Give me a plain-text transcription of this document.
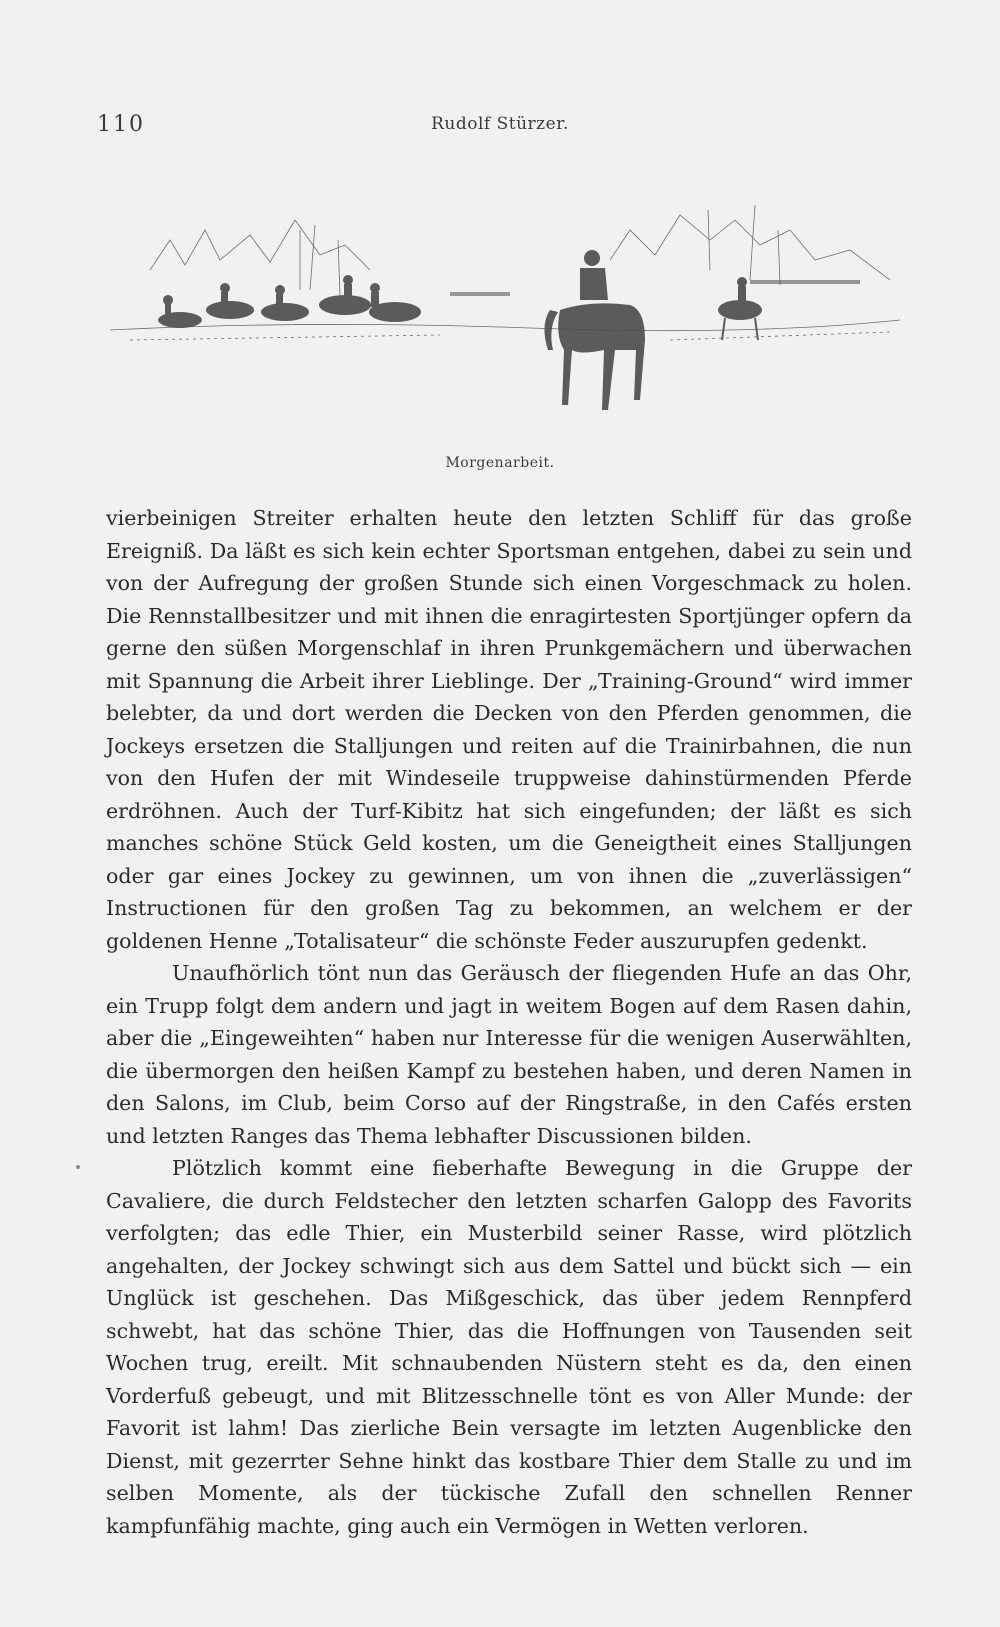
110	Rudolf Stürzer.
Morgenarbeit.

vierbeinigen Streiter erhalten heute den letzten Schliff für das große Ereigniß. Da läßt es sich kein echter Sportsman entgehen, dabei zu sein und von der Aufregung der großen Stunde sich einen Vorgeschmack zu holen. Die Rennstallbesitzer und mit ihnen die enragirtesten Sportjünger opfern da gerne den süßen Morgenschlaf in ihren Prunkgemächern und überwachen mit Spannung die Arbeit ihrer Lieblinge. Der „Training-Ground“ wird immer belebter, da und dort werden die Decken von den Pferden genommen, die Jockeys ersetzen die Stalljungen und reiten auf die Trainirbahnen, die nun von den Hufen der mit Windeseile truppweise dahinstürmenden Pferde erdröhnen. Auch der Turf-Kibitz hat sich eingefunden; der läßt es sich manches schöne Stück Geld kosten, um die Geneigtheit eines Stalljungen oder gar eines Jockey zu gewinnen, um von ihnen die „zuverlässigen“ Instructionen für den großen Tag zu bekommen, an welchem er der goldenen Henne „Totalisateur“ die schönste Feder auszurupfen gedenkt.

Unaufhörlich tönt nun das Geräusch der fliegenden Hufe an das Ohr, ein Trupp folgt dem andern und jagt in weitem Bogen auf dem Rasen dahin, aber die „Eingeweihten“ haben nur Interesse für die wenigen Auserwählten, die übermorgen den heißen Kampf zu bestehen haben, und deren Namen in den Salons, im Club, beim Corso auf der Ringstraße, in den Cafés ersten und letzten Ranges das Thema lebhafter Discussionen bilden.

Plötzlich kommt eine fieberhafte Bewegung in die Gruppe der Cavaliere, die durch Feldstecher den letzten scharfen Galopp des Favorits verfolgten; das edle Thier, ein Musterbild seiner Rasse, wird plötzlich angehalten, der Jockey schwingt sich aus dem Sattel und bückt sich — ein Unglück ist geschehen. Das Mißgeschick, das über jedem Rennpferd schwebt, hat das schöne Thier, das die Hoffnungen von Tausenden seit Wochen trug, ereilt. Mit schnaubenden Nüstern steht es da, den einen Vorderfuß gebeugt, und mit Blitzesschnelle tönt es von Aller Munde: der Favorit ist lahm! Das zierliche Bein versagte im letzten Augenblicke den Dienst, mit gezerrter Sehne hinkt das kostbare Thier dem Stalle zu und im selben Momente, als der tückische Zufall den schnellen Renner kampfunfähig machte, ging auch ein Vermögen in Wetten verloren.
